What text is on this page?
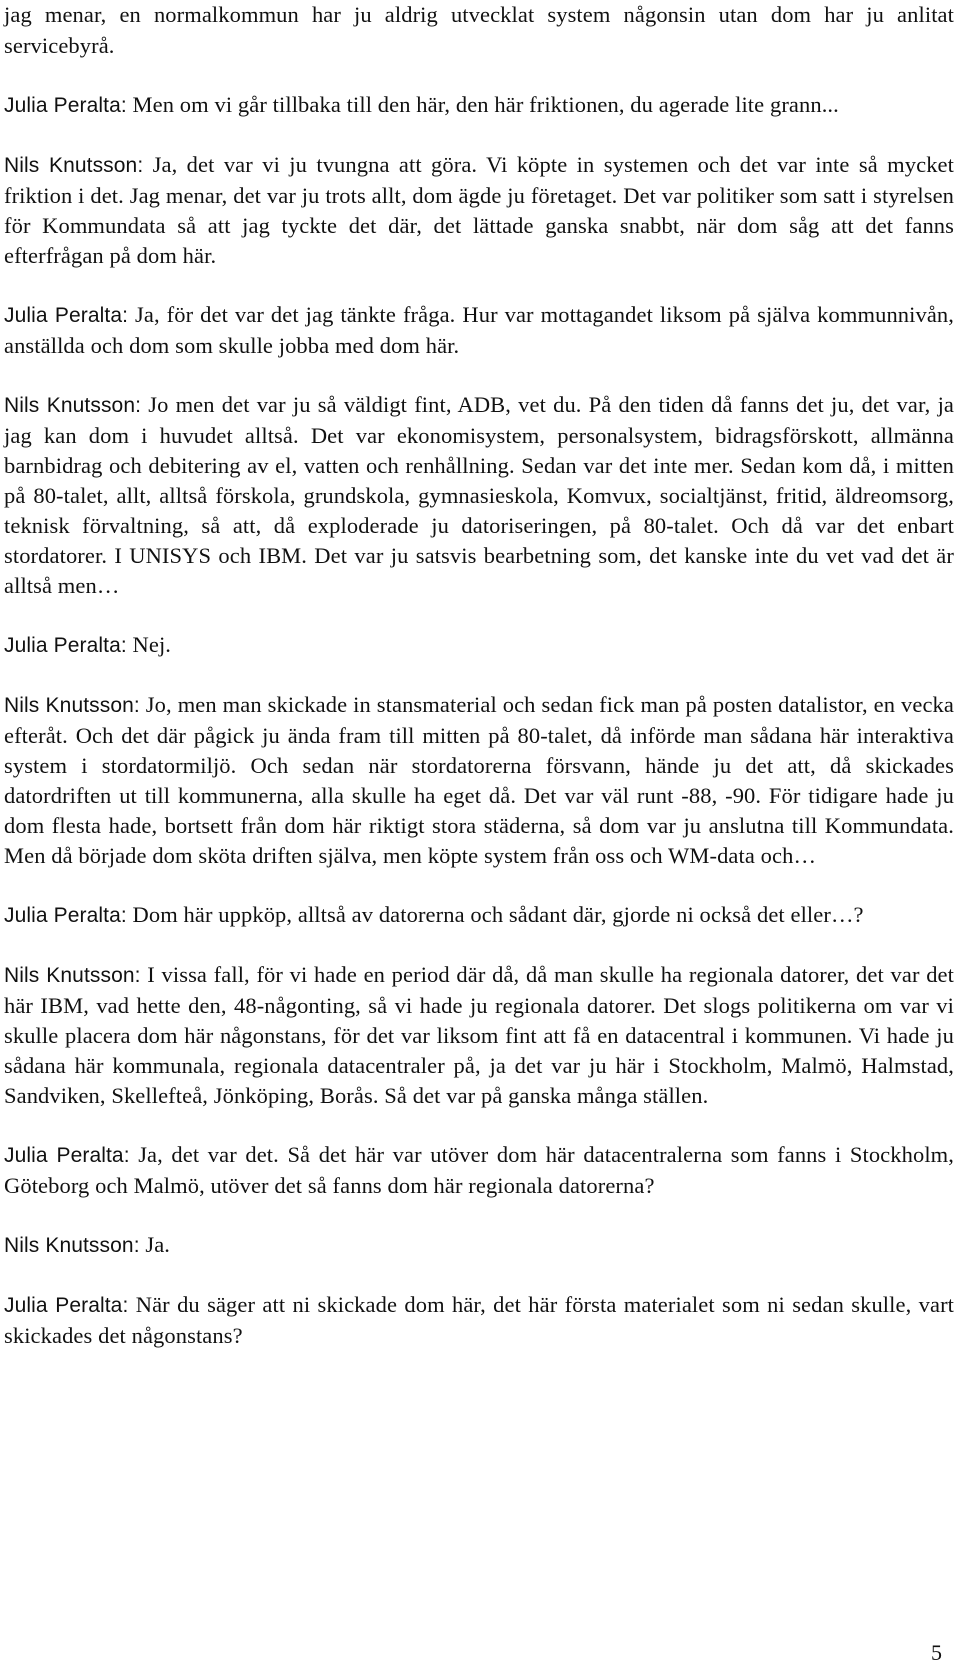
jag menar, en normalkommun har ju aldrig utvecklat system någonsin utan dom har ju anlitat servicebyrå.

Julia Peralta: Men om vi går tillbaka till den här, den här friktionen, du agerade lite grann...

Nils Knutsson: Ja, det var vi ju tvungna att göra. Vi köpte in systemen och det var inte så mycket friktion i det. Jag menar, det var ju trots allt, dom ägde ju företaget. Det var politiker som satt i styrelsen för Kommundata så att jag tyckte det där, det lättade ganska snabbt, när dom såg att det fanns efterfrågan på dom här.

Julia Peralta: Ja, för det var det jag tänkte fråga. Hur var mottagandet liksom på själva kommunnivån, anställda och dom som skulle jobba med dom här.

Nils Knutsson: Jo men det var ju så väldigt fint, ADB, vet du. På den tiden då fanns det ju, det var, ja jag kan dom i huvudet alltså. Det var ekonomisystem, personalsystem, bidragsförskott, allmänna barnbidrag och debitering av el, vatten och renhållning. Sedan var det inte mer. Sedan kom då, i mitten på 80-talet, allt, alltså förskola, grundskola, gymnasieskola, Komvux, socialtjänst, fritid, äldreomsorg, teknisk förvaltning, så att, då exploderade ju datoriseringen, på 80-talet. Och då var det enbart stordatorer. I UNISYS och IBM. Det var ju satsvis bearbetning som, det kanske inte du vet vad det är alltså men…

Julia Peralta: Nej.

Nils Knutsson: Jo, men man skickade in stansmaterial och sedan fick man på posten datalistor, en vecka efteråt. Och det där pågick ju ända fram till mitten på 80-talet, då införde man sådana här interaktiva system i stordatormiljö. Och sedan när stordatorerna försvann, hände ju det att, då skickades datordriften ut till kommunerna, alla skulle ha eget då. Det var väl runt -88, -90. För tidigare hade ju dom flesta hade, bortsett från dom här riktigt stora städerna, så dom var ju anslutna till Kommundata. Men då började dom sköta driften själva, men köpte system från oss och WM-data och…

Julia Peralta: Dom här uppköp, alltså av datorerna och sådant där, gjorde ni också det eller…?

Nils Knutsson: I vissa fall, för vi hade en period där då, då man skulle ha regionala datorer, det var det här IBM, vad hette den, 48-någonting, så vi hade ju regionala datorer. Det slogs politikerna om var vi skulle placera dom här någonstans, för det var liksom fint att få en datacentral i kommunen. Vi hade ju sådana här kommunala, regionala datacentraler på, ja det var ju här i Stockholm, Malmö, Halmstad, Sandviken, Skellefteå, Jönköping, Borås. Så det var på ganska många ställen.

Julia Peralta: Ja, det var det. Så det här var utöver dom här datacentralerna som fanns i Stockholm, Göteborg och Malmö, utöver det så fanns dom här regionala datorerna?

Nils Knutsson: Ja.

Julia Peralta: När du säger att ni skickade dom här, det här första materialet som ni sedan skulle, vart skickades det någonstans?

5
